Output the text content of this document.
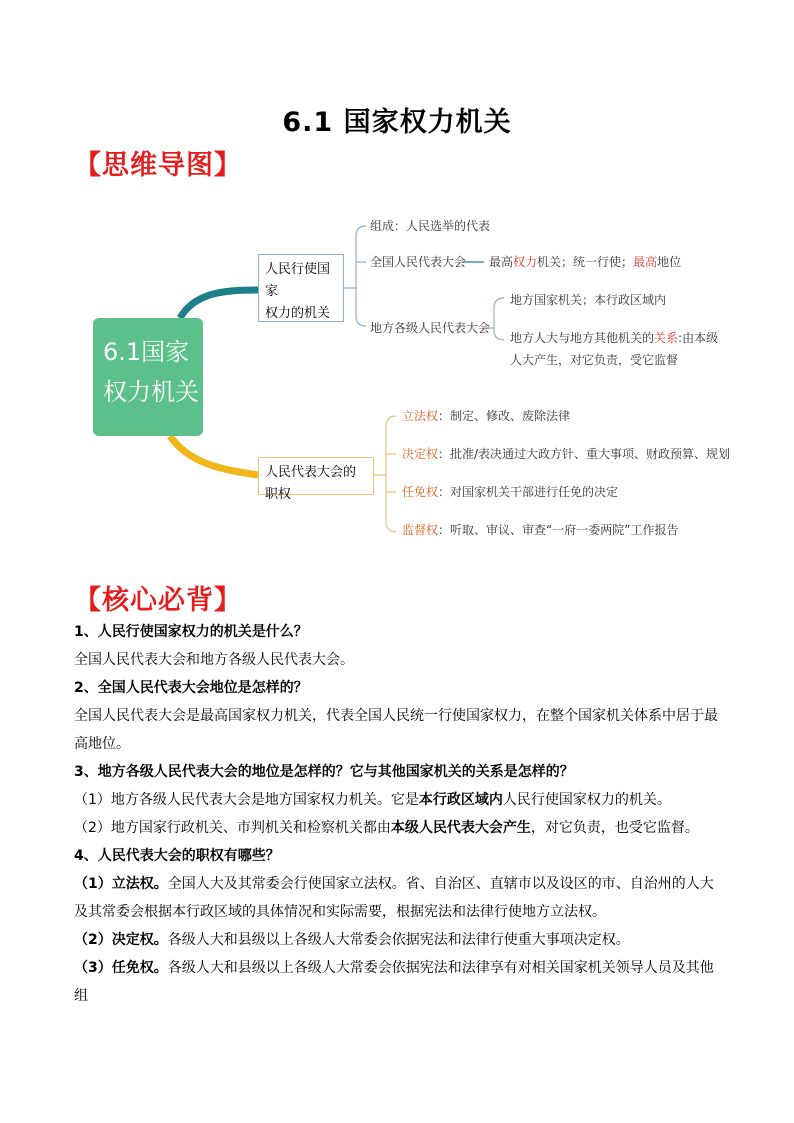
6.1 国家权力机关
【思维导图】
6.1国家
权力机关
人民行使国家
权力的机关
人民代表大会的职权
组成：人民选举的代表
全国人民代表大会 最高权力机关；统一行使；最高地位
地方各级人民代表大会
地方国家机关；本行政区域内
地方人大与地方其他机关的关系:由本级
人大产生，对它负责，受它监督
立法权：制定、修改、废除法律
决定权：批准/表决通过大政方针、重大事项、财政预算、规划
任免权：对国家机关干部进行任免的决定
监督权：听取、审议、审查“一府一委两院”工作报告
【核心必背】

1、人民行使国家权力的机关是什么？

全国人民代表大会和地方各级人民代表大会。

2、全国人民代表大会地位是怎样的？

全国人民代表大会是最高国家权力机关，代表全国人民统一行使国家权力，在整个国家机关体系中居于最高地位。

3、地方各级人民代表大会的地位是怎样的？它与其他国家机关的关系是怎样的？

（1）地方各级人民代表大会是地方国家权力机关。它是本行政区域内人民行使国家权力的机关。

（2）地方国家行政机关、市判机关和检察机关都由本级人民代表大会产生，对它负责，也受它监督。

4、人民代表大会的职权有哪些？

（1）立法权。全国人大及其常委会行使国家立法权。省、自治区、直辖市以及设区的市、自治州的人大及其常委会根据本行政区域的具体情况和实际需要，根据宪法和法律行使地方立法权。

（2）决定权。各级人大和县级以上各级人大常委会依据宪法和法律行使重大事项决定权。

（3）任免权。各级人大和县级以上各级人大常委会依据宪法和法律享有对相关国家机关领导人员及其他组
